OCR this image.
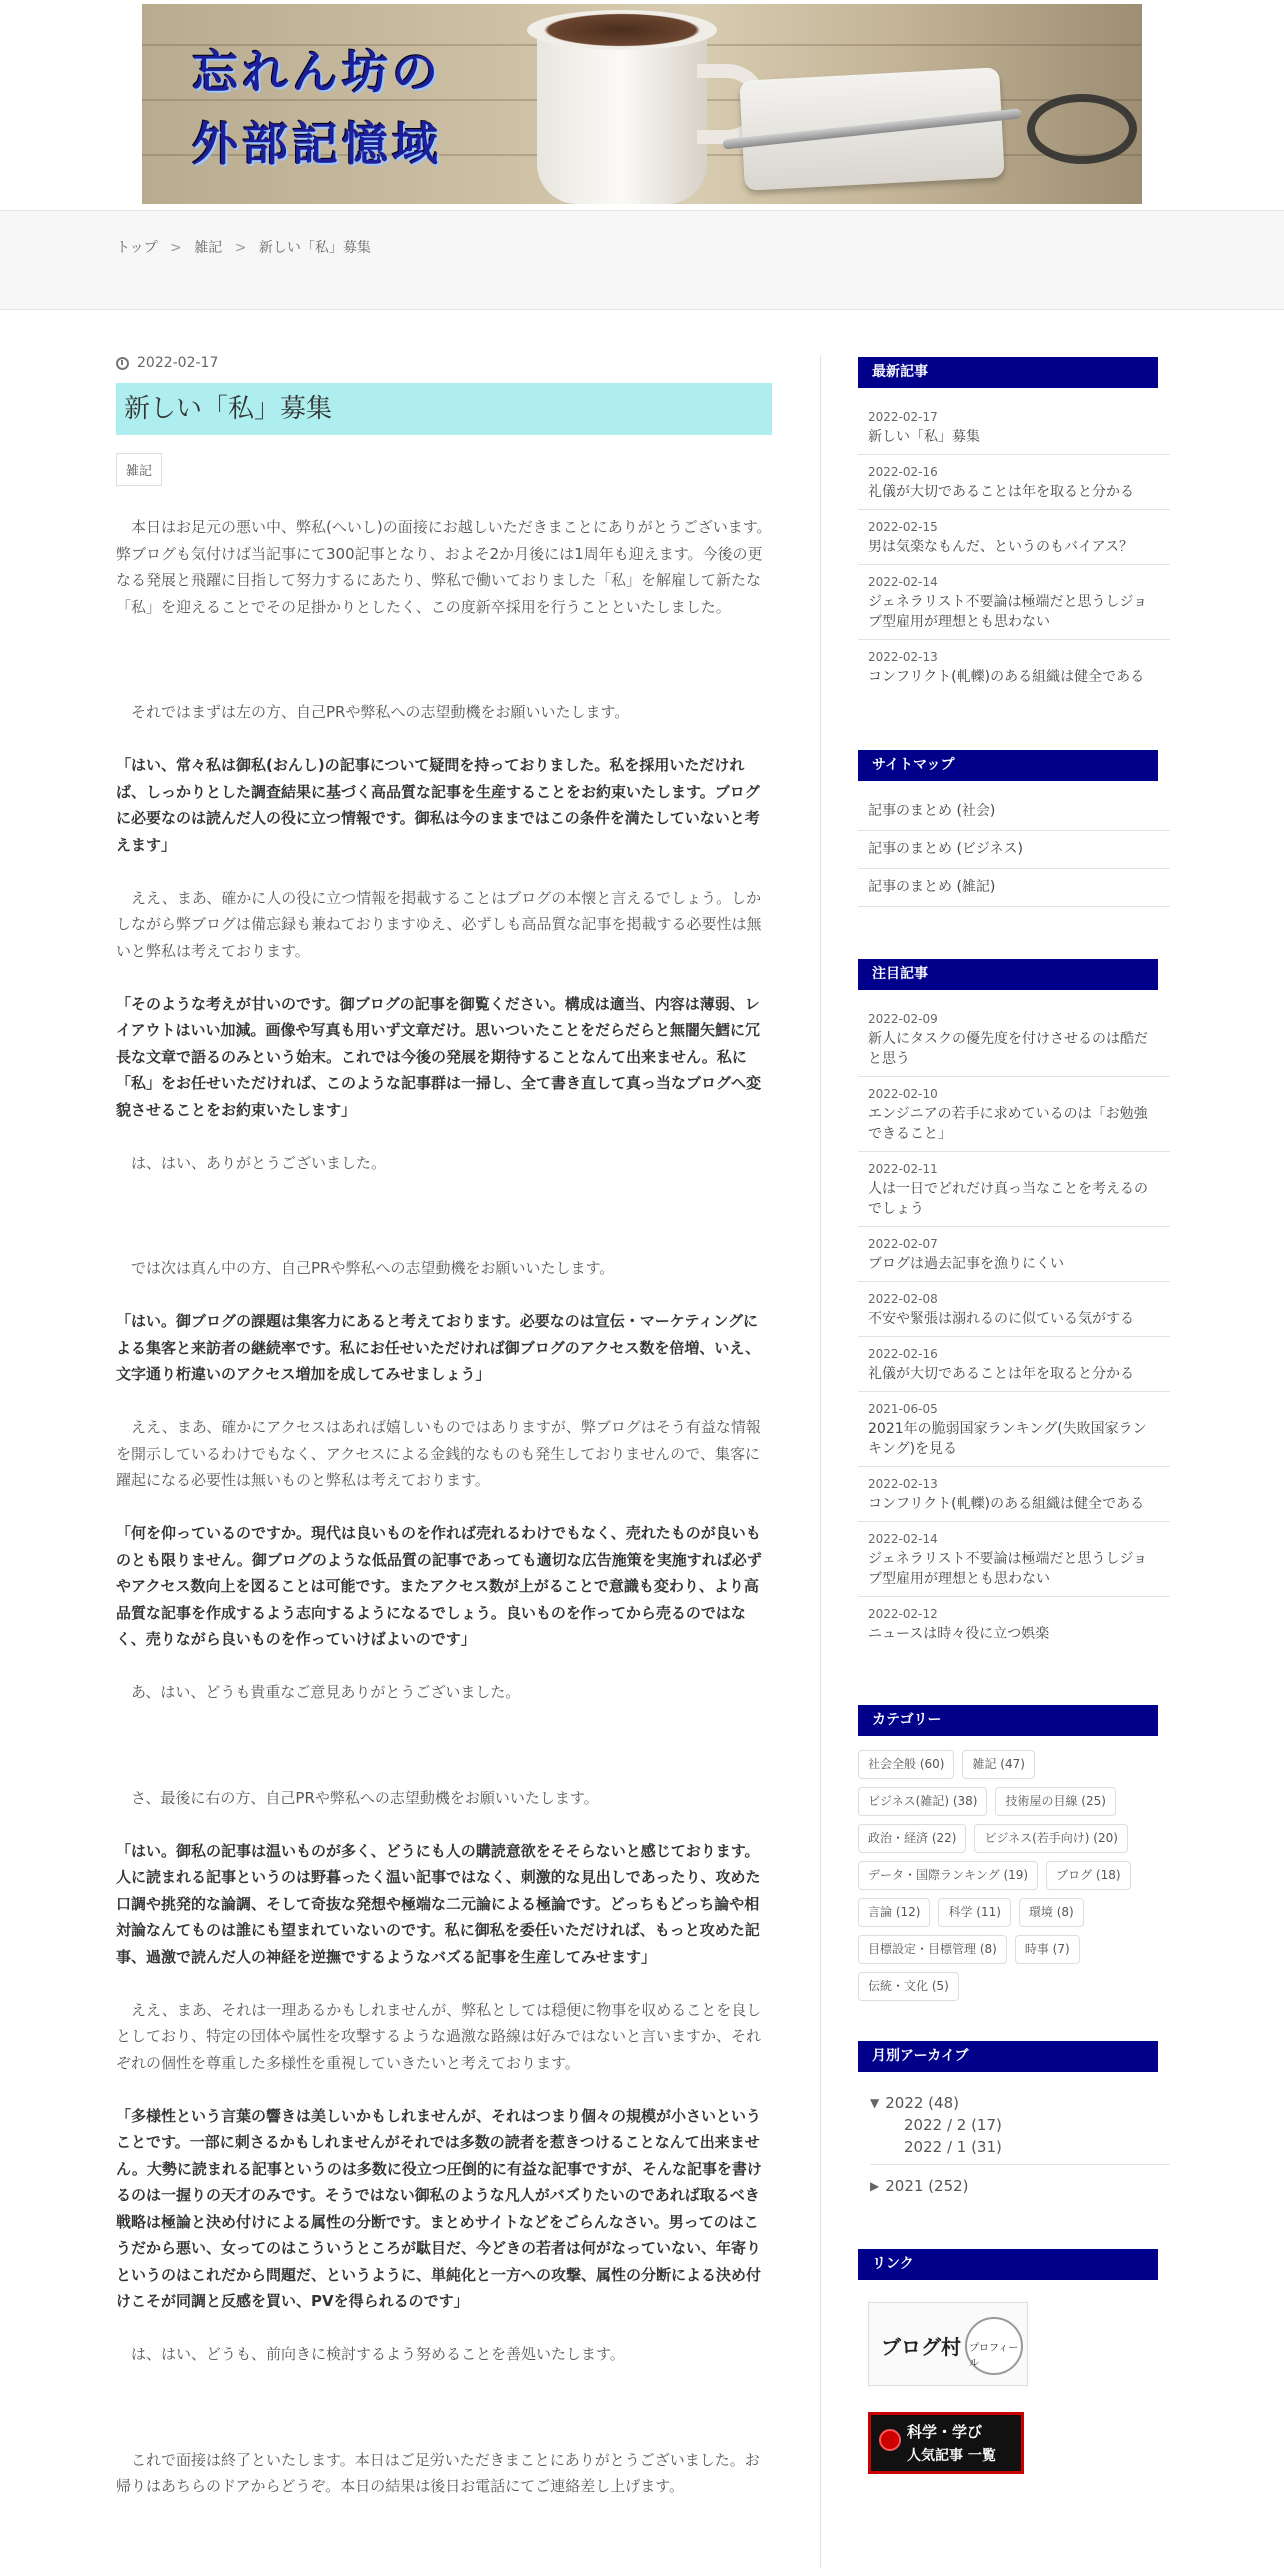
忘れん坊の
外部記憶域
トップ > 雑記 > 新しい「私」募集
2022-02-17
新しい「私」募集
雑記

本日はお足元の悪い中、弊私(へいし)の面接にお越しいただきまことにありがとうございます。弊ブログも気付けば当記事にて300記事となり、およそ2か月後には1周年も迎えます。今後の更なる発展と飛躍に目指して努力するにあたり、弊私で働いておりました「私」を解雇して新たな「私」を迎えることでその足掛かりとしたく、この度新卒採用を行うことといたしました。

それではまずは左の方、自己PRや弊私への志望動機をお願いいたします。

「はい、常々私は御私(おんし)の記事について疑問を持っておりました。私を採用いただければ、しっかりとした調査結果に基づく高品質な記事を生産することをお約束いたします。ブログに必要なのは読んだ人の役に立つ情報です。御私は今のままではこの条件を満たしていないと考えます」

ええ、まあ、確かに人の役に立つ情報を掲載することはブログの本懐と言えるでしょう。しかしながら弊ブログは備忘録も兼ねておりますゆえ、必ずしも高品質な記事を掲載する必要性は無いと弊私は考えております。

「そのような考えが甘いのです。御ブログの記事を御覧ください。構成は適当、内容は薄弱、レイアウトはいい加減。画像や写真も用いず文章だけ。思いついたことをだらだらと無闇矢鱈に冗長な文章で語るのみという始末。これでは今後の発展を期待することなんて出来ません。私に「私」をお任せいただければ、このような記事群は一掃し、全て書き直して真っ当なブログへ変貌させることをお約束いたします」

は、はい、ありがとうございました。

では次は真ん中の方、自己PRや弊私への志望動機をお願いいたします。

「はい。御ブログの課題は集客力にあると考えております。必要なのは宣伝・マーケティングによる集客と来訪者の継続率です。私にお任せいただければ御ブログのアクセス数を倍増、いえ、文字通り桁違いのアクセス増加を成してみせましょう」

ええ、まあ、確かにアクセスはあれば嬉しいものではありますが、弊ブログはそう有益な情報を開示しているわけでもなく、アクセスによる金銭的なものも発生しておりませんので、集客に躍起になる必要性は無いものと弊私は考えております。

「何を仰っているのですか。現代は良いものを作れば売れるわけでもなく、売れたものが良いものとも限りません。御ブログのような低品質の記事であっても適切な広告施策を実施すれば必ずやアクセス数向上を図ることは可能です。またアクセス数が上がることで意識も変わり、より高品質な記事を作成するよう志向するようになるでしょう。良いものを作ってから売るのではなく、売りながら良いものを作っていけばよいのです」

あ、はい、どうも貴重なご意見ありがとうございました。

さ、最後に右の方、自己PRや弊私への志望動機をお願いいたします。

「はい。御私の記事は温いものが多く、どうにも人の購読意欲をそそらないと感じております。人に読まれる記事というのは野暮ったく温い記事ではなく、刺激的な見出しであったり、攻めた口調や挑発的な論調、そして奇抜な発想や極端な二元論による極論です。どっちもどっち論や相対論なんてものは誰にも望まれていないのです。私に御私を委任いただければ、もっと攻めた記事、過激で読んだ人の神経を逆撫でするようなバズる記事を生産してみせます」

ええ、まあ、それは一理あるかもしれませんが、弊私としては穏便に物事を収めることを良しとしており、特定の団体や属性を攻撃するような過激な路線は好みではないと言いますか、それぞれの個性を尊重した多様性を重視していきたいと考えております。

「多様性という言葉の響きは美しいかもしれませんが、それはつまり個々の規模が小さいということです。一部に刺さるかもしれませんがそれでは多数の読者を惹きつけることなんて出来ません。大勢に読まれる記事というのは多数に役立つ圧倒的に有益な記事ですが、そんな記事を書けるのは一握りの天才のみです。そうではない御私のような凡人がバズりたいのであれば取るべき戦略は極論と決め付けによる属性の分断です。まとめサイトなどをごらんなさい。男ってのはこうだから悪い、女ってのはこういうところが駄目だ、今どきの若者は何がなっていない、年寄りというのはこれだから問題だ、というように、単純化と一方への攻撃、属性の分断による決め付けこそが同調と反感を買い、PVを得られるのです」

は、はい、どうも、前向きに検討するよう努めることを善処いたします。

これで面接は終了といたします。本日はご足労いただきまことにありがとうございました。お帰りはあちらのドアからどうぞ。本日の結果は後日お電話にてご連絡差し上げます。

最新記事
2022-02-17
新しい「私」募集
2022-02-16
礼儀が大切であることは年を取ると分かる
2022-02-15
男は気楽なもんだ、というのもバイアス？
2022-02-14
ジェネラリスト不要論は極端だと思うしジョブ型雇用が理想とも思わない
2022-02-13
コンフリクト(軋轢)のある組織は健全である
サイトマップ
記事のまとめ (社会)
記事のまとめ (ビジネス)
記事のまとめ (雑記)
注目記事
2022-02-09
新人にタスクの優先度を付けさせるのは酷だと思う
2022-02-10
エンジニアの若手に求めているのは「お勉強できること」
2022-02-11
人は一日でどれだけ真っ当なことを考えるのでしょう
2022-02-07
ブログは過去記事を漁りにくい
2022-02-08
不安や緊張は溺れるのに似ている気がする
2022-02-16
礼儀が大切であることは年を取ると分かる
2021-06-05
2021年の脆弱国家ランキング(失敗国家ランキング)を見る
2022-02-13
コンフリクト(軋轢)のある組織は健全である
2022-02-14
ジェネラリスト不要論は極端だと思うしジョブ型雇用が理想とも思わない
2022-02-12
ニュースは時々役に立つ娯楽
カテゴリー
社会全般 (60)	雑記 (47)
ビジネス(雑記) (38)	技術屋の目線 (25)
政治・経済 (22)	ビジネス(若手向け) (20)
データ・国際ランキング (19)	ブログ (18)
言論 (12)	科学 (11)	環境 (8)
目標設定・目標管理 (8)	時事 (7)
伝統・文化 (5)
月別アーカイブ
▼ 2022 (48)
2022 / 2 (17)
2022 / 1 (31)
▶ 2021 (252)
リンク
ブログ村 プロフィール
科学・学び
人気記事 一覧
